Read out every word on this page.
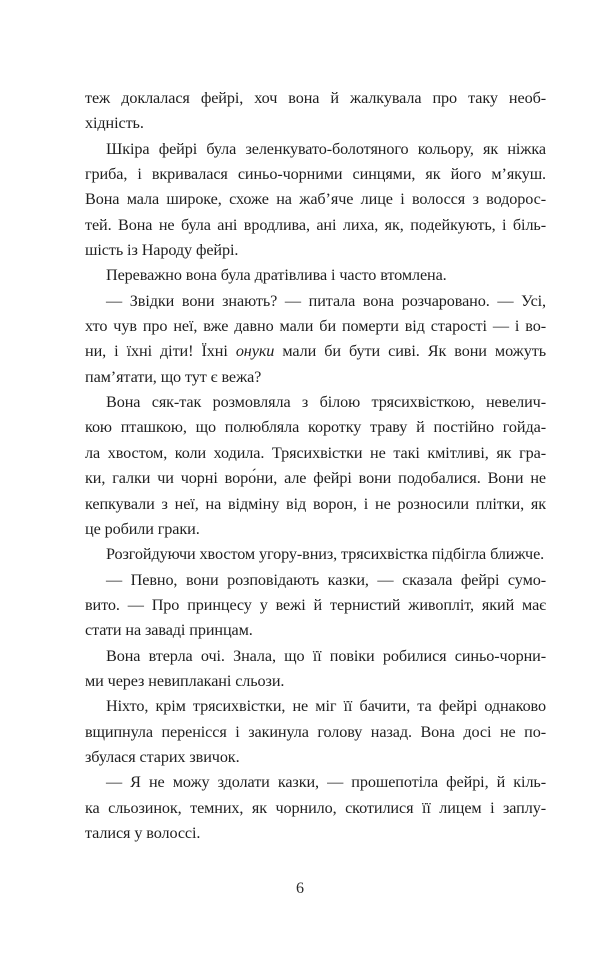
теж доклалася фейрі, хоч вона й жалкувала про таку необ-
хідність.
Шкіра фейрі була зеленкувато-болотяного кольору, як ніжка
гриба, і вкривалася синьо-чорними синцями, як його м’якуш.
Вона мала широке, схоже на жаб’яче лице і волосся з водорос-
тей. Вона не була ані вродлива, ані лиха, як, подейкують, і біль-
шість із Народу фейрі.
Переважно вона була дратівлива і часто втомлена.
— Звідки вони знають? — питала вона розчаровано. — Усі,
хто чув про неї, вже давно мали би померти від старості — і во-
ни, і їхні діти! Їхні онуки мали би бути сиві. Як вони можуть
пам’ятати, що тут є вежа?
Вона сяк-так розмовляла з білою трясихвісткою, невелич-
кою пташкою, що полюбляла коротку траву й постійно гойда-
ла хвостом, коли ходила. Трясихвістки не такі кмітливі, як гра-
ки, галки чи чорні воро́ни, але фейрі вони подобалися. Вони не
кепкували з неї, на відміну від ворон, і не розносили плітки, як
це робили граки.
Розгойдуючи хвостом угору-вниз, трясихвістка підбігла ближче.
— Певно, вони розповідають казки, — сказала фейрі сумо-
вито. — Про принцесу у вежі й тернистий живопліт, який має
стати на заваді принцам.
Вона втерла очі. Знала, що її повіки робилися синьо-чорни-
ми через невиплакані сльози.
Ніхто, крім трясихвістки, не міг її бачити, та фейрі однаково
вщипнула перенісся і закинула голову назад. Вона досі не по-
збулася старих звичок.
— Я не можу здолати казки, — прошепотіла фейрі, й кіль-
ка сльозинок, темних, як чорнило, скотилися її лицем і заплу-
талися у волоссі.
6
